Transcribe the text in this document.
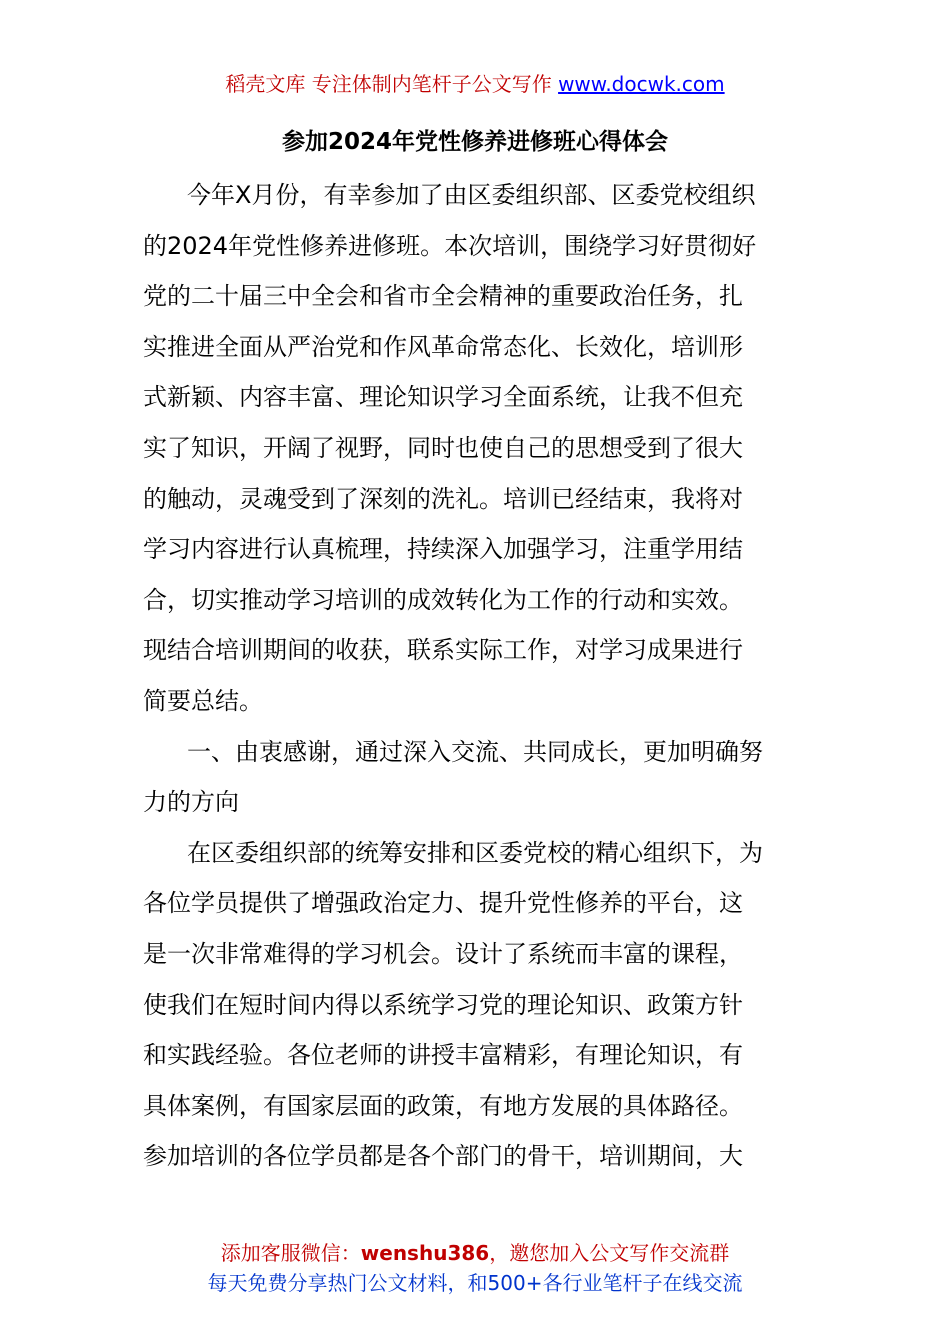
稻壳文库 专注体制内笔杆子公文写作 www.docwk.com
参加2024年党性修养进修班心得体会
今年X月份，有幸参加了由区委组织部、区委党校组织
的2024年党性修养进修班。本次培训，围绕学习好贯彻好
党的二十届三中全会和省市全会精神的重要政治任务，扎
实推进全面从严治党和作风革命常态化、长效化，培训形
式新颖、内容丰富、理论知识学习全面系统，让我不但充
实了知识，开阔了视野，同时也使自己的思想受到了很大
的触动，灵魂受到了深刻的洗礼。培训已经结束，我将对
学习内容进行认真梳理，持续深入加强学习，注重学用结
合，切实推动学习培训的成效转化为工作的行动和实效。
现结合培训期间的收获，联系实际工作，对学习成果进行
简要总结。
一、由衷感谢，通过深入交流、共同成长，更加明确努
力的方向
在区委组织部的统筹安排和区委党校的精心组织下，为
各位学员提供了增强政治定力、提升党性修养的平台，这
是一次非常难得的学习机会。设计了系统而丰富的课程，
使我们在短时间内得以系统学习党的理论知识、政策方针
和实践经验。各位老师的讲授丰富精彩，有理论知识，有
具体案例，有国家层面的政策，有地方发展的具体路径。
参加培训的各位学员都是各个部门的骨干，培训期间，大
添加客服微信：wenshu386，邀您加入公文写作交流群
每天免费分享热门公文材料，和500+各行业笔杆子在线交流
